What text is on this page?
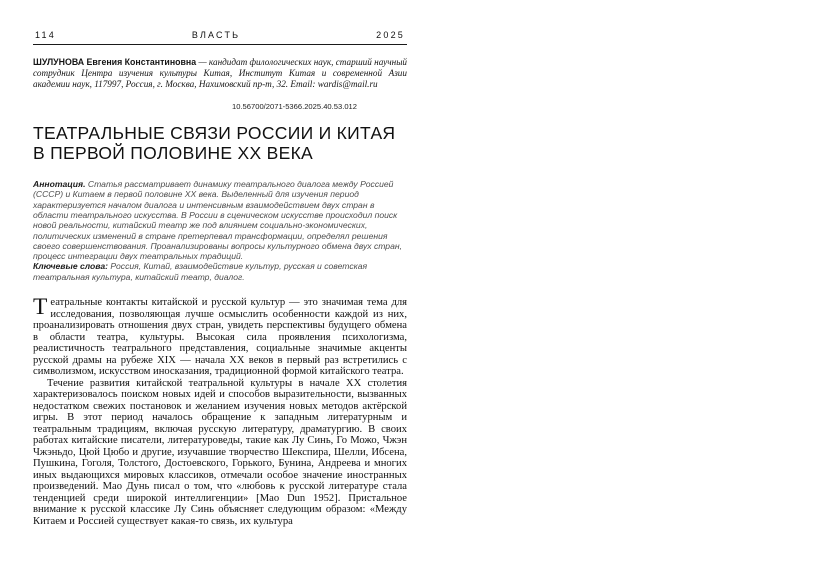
114	ВЛАСТЬ	2025
ШУЛУНОВА Евгения Константиновна — кандидат филологических наук, старший научный сотрудник Центра изучения культуры Китая, Институт Китая и современной Азии академии наук, 117997, Россия, г. Москва, Нахимовский пр-т, 32. Email: wardis@mail.ru
10.56700/2071-5366.2025.40.53.012
ТЕАТРАЛЬНЫЕ СВЯЗИ РОССИИ И КИТАЯ
В ПЕРВОЙ ПОЛОВИНЕ XX ВЕКА
Аннотация. Статья рассматривает динамику театрального диалога между Россией (СССР) и Китаем в первой половине XX века. Выделенный для изучения период характеризуется началом диалога и интенсивным взаимодействием двух стран в области театрального искусства. В России в сценическом искусстве происходил поиск новой реальности, китайский театр же под влиянием социально-экономических, политических изменений в стране претерпевал трансформации, определял решения своего совершенствования. Проанализированы вопросы культурного обмена двух стран, процесс интеграции двух театральных традиций.
Ключевые слова: Россия, Китай, взаимодействие культур, русская и советская театральная культура, китайский театр, диалог.

Театральные контакты китайской и русской культур — это значимая тема для исследования, позволяющая лучше осмыслить особенности каждой из них, проанализировать отношения двух стран, увидеть перспективы будущего обмена в области театра, культуры. Высокая сила проявления психологизма, реалистичность театрального представления, социальные значимые акценты русской драмы на рубеже XIX — начала XX веков в первый раз встретились с символизмом, искусством иносказания, традиционной формой китайского театра.

Течение развития китайской театральной культуры в начале XX столетия характеризовалось поиском новых идей и способов выразительности, вызванных недостатком свежих постановок и желанием изучения новых методов актёрской игры. В этот период началось обращение к западным литературным и театральным традициям, включая русскую литературу, драматургию. В своих работах китайские писатели, литературоведы, такие как Лу Синь, Го Можо, Чжэн Чжэньдо, Цюй Цюбо и другие, изучавшие творчество Шекспира, Шелли, Ибсена, Пушкина, Гоголя, Толстого, Достоевского, Горького, Бунина, Андреева и многих иных выдающихся мировых классиков, отмечали особое значение иностранных произведений. Мао Дунь писал о том, что «любовь к русской литературе стала тенденцией среди широкой интеллигенции» [Mao Dun 1952]. Пристальное внимание к русской классике Лу Синь объясняет следующим образом: «Между Китаем и Россией существует какая-то связь, их культура
